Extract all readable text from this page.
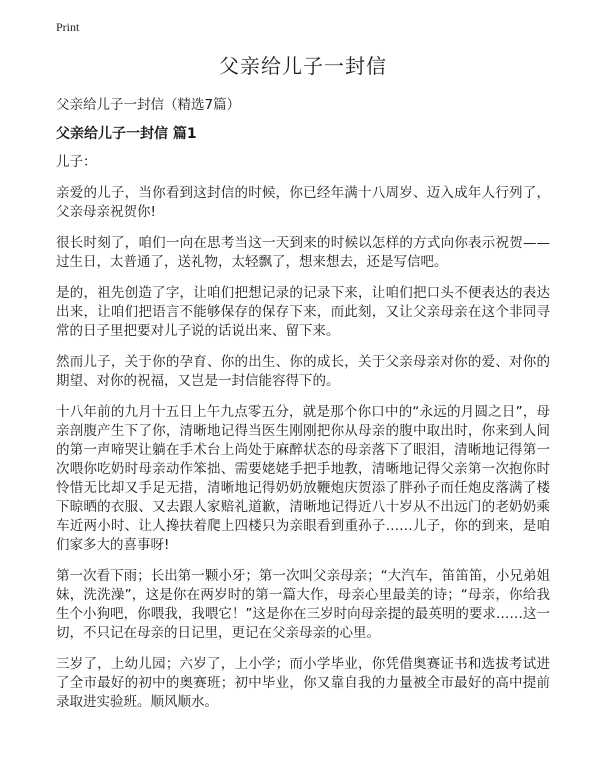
Print
父亲给儿子一封信
父亲给儿子一封信（精选7篇）
父亲给儿子一封信 篇1

儿子：

亲爱的儿子，当你看到这封信的时候，你已经年满十八周岁、迈入成年人行列了，父亲母亲祝贺你!

很长时刻了，咱们一向在思考当这一天到来的时候以怎样的方式向你表示祝贺——过生日，太普通了，送礼物，太轻飘了，想来想去，还是写信吧。

是的，祖先创造了字，让咱们把想记录的记录下来，让咱们把口头不便表达的表达出来，让咱们把语言不能够保存的保存下来，而此刻，又让父亲母亲在这个非同寻常的日子里把要对儿子说的话说出来、留下来。

然而儿子，关于你的孕育、你的出生、你的成长，关于父亲母亲对你的爱、对你的期望、对你的祝福，又岂是一封信能容得下的。

十八年前的九月十五日上午九点零五分，就是那个你口中的“永远的月圆之日”，母亲剖腹产生下了你，清晰地记得当医生刚刚把你从母亲的腹中取出时，你来到人间的第一声啼哭让躺在手术台上尚处于麻醉状态的母亲落下了眼泪，清晰地记得第一次喂你吃奶时母亲动作笨拙、需要姥姥手把手地教，清晰地记得父亲第一次抱你时怜惜无比却又手足无措，清晰地记得奶奶放鞭炮庆贺添了胖孙子而任炮皮落满了楼下晾晒的衣服、又去跟人家赔礼道歉，清晰地记得近八十岁从不出远门的老奶奶乘车近两小时、让人搀扶着爬上四楼只为亲眼看到重孙子……儿子，你的到来，是咱们家多大的喜事呀!

第一次看下雨；长出第一颗小牙；第一次叫父亲母亲；“大汽车，笛笛笛，小兄弟姐妹，洗洗澡”，这是你在两岁时的第一篇大作，母亲心里最美的诗；“母亲，你给我生个小狗吧，你喂我，我喂它！”这是你在三岁时向母亲提的最英明的要求……这一切，不只记在母亲的日记里，更记在父亲母亲的心里。

三岁了，上幼儿园；六岁了，上小学；而小学毕业，你凭借奥赛证书和选拔考试进了全市最好的初中的奥赛班；初中毕业，你又靠自我的力量被全市最好的高中提前录取进实验班。顺风顺水。
